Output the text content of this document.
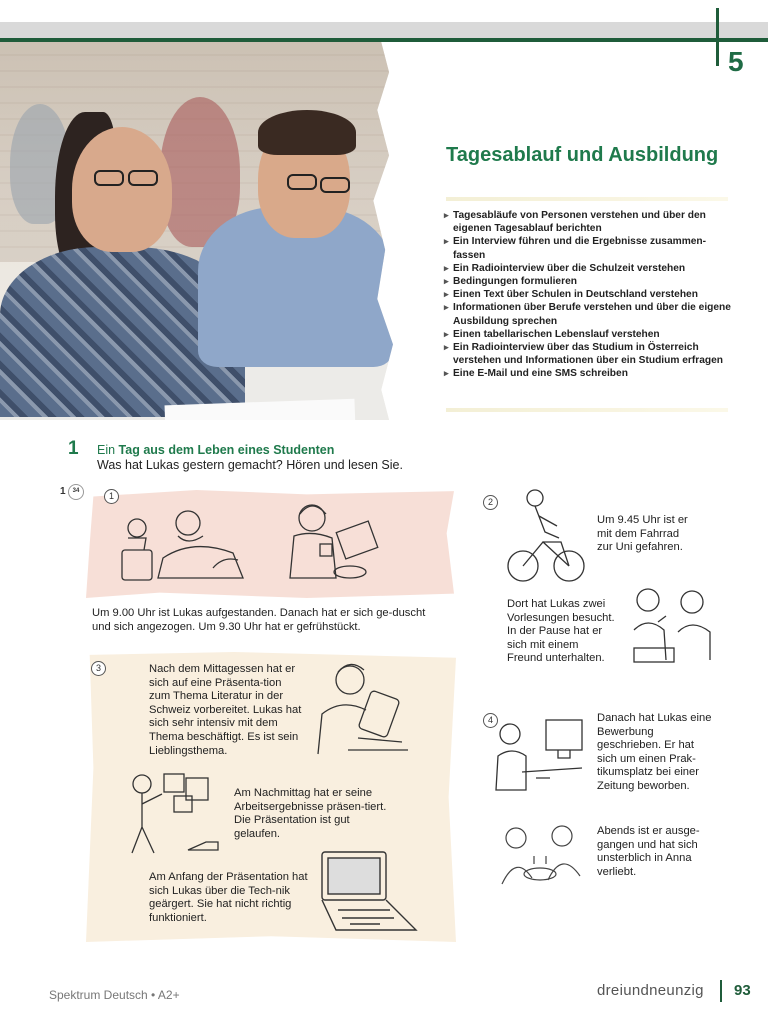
5
Tagesablauf und Ausbildung
▸ Tagesabläufe von Personen verstehen und über den eigenen Tagesablauf berichten
▸ Ein Interview führen und die Ergebnisse zusammen-fassen
▸ Ein Radiointerview über die Schulzeit verstehen
▸ Bedingungen formulieren
▸ Einen Text über Schulen in Deutschland verstehen
▸ Informationen über Berufe verstehen und über die eigene Ausbildung sprechen
▸ Einen tabellarischen Lebenslauf verstehen
▸ Ein Radiointerview über das Studium in Österreich verstehen und Informationen über ein Studium erfragen
▸ Eine E-Mail und eine SMS schreiben
1 Ein Tag aus dem Leben eines Studenten
Was hat Lukas gestern gemacht? Hören und lesen Sie.
1	34	1
Um 9.00 Uhr ist Lukas aufgestanden. Danach hat er sich ge-duscht und sich angezogen. Um 9.30 Uhr hat er gefrühstückt.
2
Um 9.45 Uhr ist er mit dem Fahrrad zur Uni gefahren.
Dort hat Lukas zwei Vorlesungen besucht. In der Pause hat er sich mit einem Freund unterhalten.
3	Nach dem Mittagessen hat er sich auf eine Präsenta-tion zum Thema Literatur in der Schweiz vorbereitet. Lukas hat sich sehr intensiv mit dem Thema beschäftigt. Es ist sein Lieblingsthema.
Am Nachmittag hat er seine Arbeitsergebnisse präsen-tiert. Die Präsentation ist gut gelaufen.
Am Anfang der Präsentation hat sich Lukas über die Tech-nik geärgert. Sie hat nicht richtig funktioniert.
4	Danach hat Lukas eine Bewerbung geschrieben. Er hat sich um einen Prak-tikumsplatz bei einer Zeitung beworben.
Abends ist er ausge-gangen und hat sich unsterblich in Anna verliebt.
Spektrum Deutsch • A2+	dreiundneunzig 93
